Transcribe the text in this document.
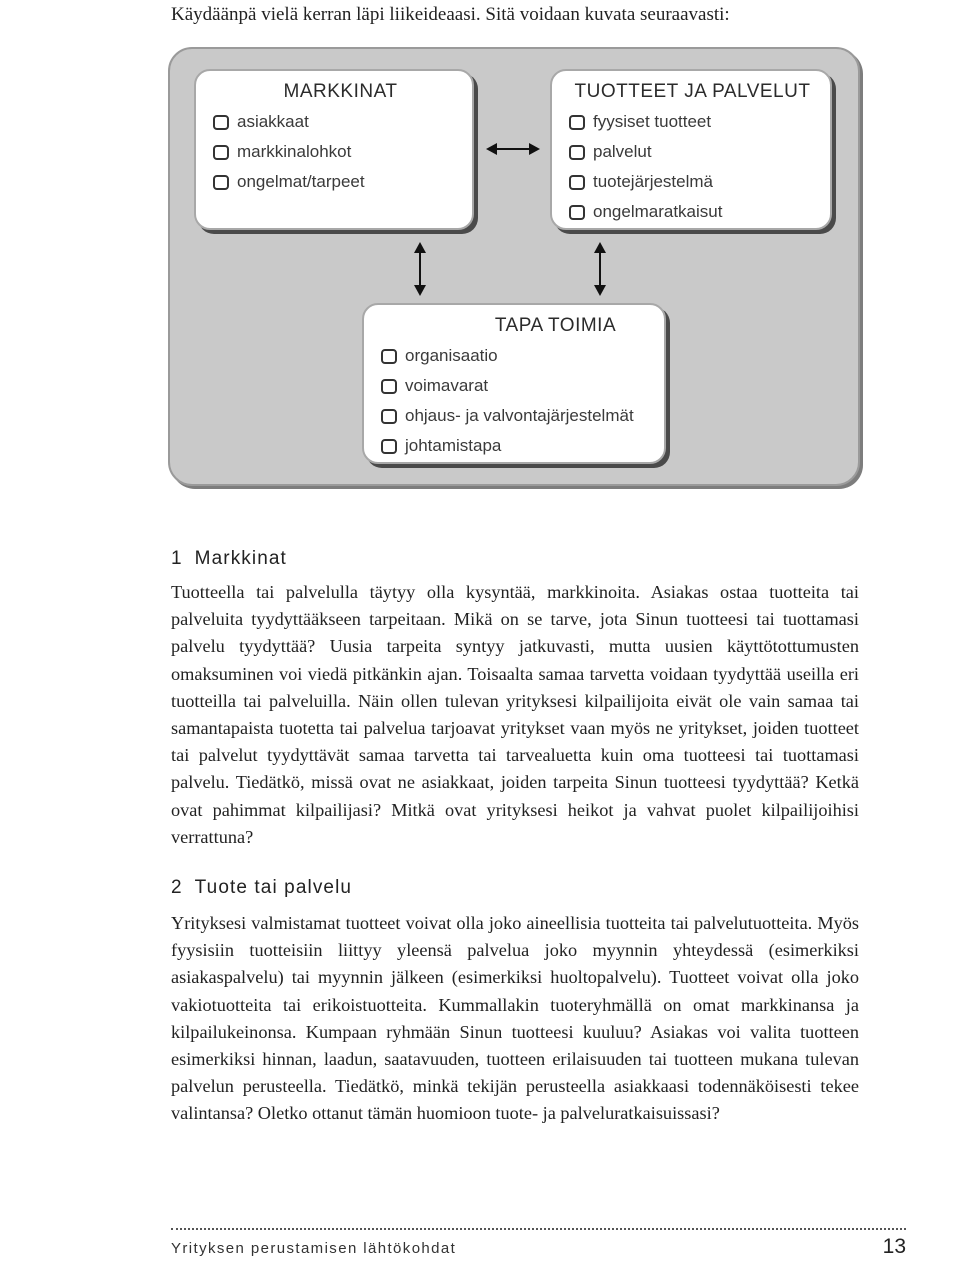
Käydäänpä vielä kerran läpi liikeideaasi. Sitä voidaan kuvata seuraavasti:

MARKKINAT
asiakkaat
markkinalohkot
ongelmat/tarpeet
TUOTTEET JA PALVELUT
fyysiset tuotteet
palvelut
tuotejärjestelmä
ongelmaratkaisut
TAPA TOIMIA
organisaatio
voimavarat
ohjaus- ja valvontajärjestelmät
johtamistapa
1 Markkinat

Tuotteella tai palvelulla täytyy olla kysyntää, markkinoita. Asiakas ostaa tuotteita tai palveluita tyydyttääkseen tarpeitaan. Mikä on se tarve, jota Sinun tuotteesi tai tuottamasi palvelu tyydyttää? Uusia tarpeita syntyy jatkuvasti, mutta uusien käyttötottumusten omaksuminen voi viedä pitkänkin ajan. Toisaalta samaa tarvetta voidaan tyydyttää useilla eri tuotteilla tai palveluilla. Näin ollen tulevan yrityksesi kilpailijoita eivät ole vain samaa tai samantapaista tuotetta tai palvelua tarjoavat yritykset vaan myös ne yritykset, joiden tuotteet tai palvelut tyydyttävät samaa tarvetta tai tarvealuetta kuin oma tuotteesi tai tuottamasi palvelu. Tiedätkö, missä ovat ne asiakkaat, joiden tarpeita Sinun tuotteesi tyydyttää? Ketkä ovat pahimmat kilpailijasi? Mitkä ovat yrityksesi heikot ja vahvat puolet kilpailijoihisi verrattuna?

2 Tuote tai palvelu

Yrityksesi valmistamat tuotteet voivat olla joko aineellisia tuotteita tai palvelutuotteita. Myös fyysisiin tuotteisiin liittyy yleensä palvelua joko myynnin yhteydessä (esimerkiksi asiakaspalvelu) tai myynnin jälkeen (esimerkiksi huoltopalvelu). Tuotteet voivat olla joko vakiotuotteita tai erikoistuotteita. Kummallakin tuoteryhmällä on omat markkinansa ja kilpailukeinonsa. Kumpaan ryhmään Sinun tuotteesi kuuluu? Asiakas voi valita tuotteen esimerkiksi hinnan, laadun, saatavuuden, tuotteen erilaisuuden tai tuotteen mukana tulevan palvelun perusteella. Tiedätkö, minkä tekijän perusteella asiakkaasi todennäköisesti tekee valintansa? Oletko ottanut tämän huomioon tuote- ja palveluratkaisuissasi?

Yrityksen perustamisen lähtökohdat	13
